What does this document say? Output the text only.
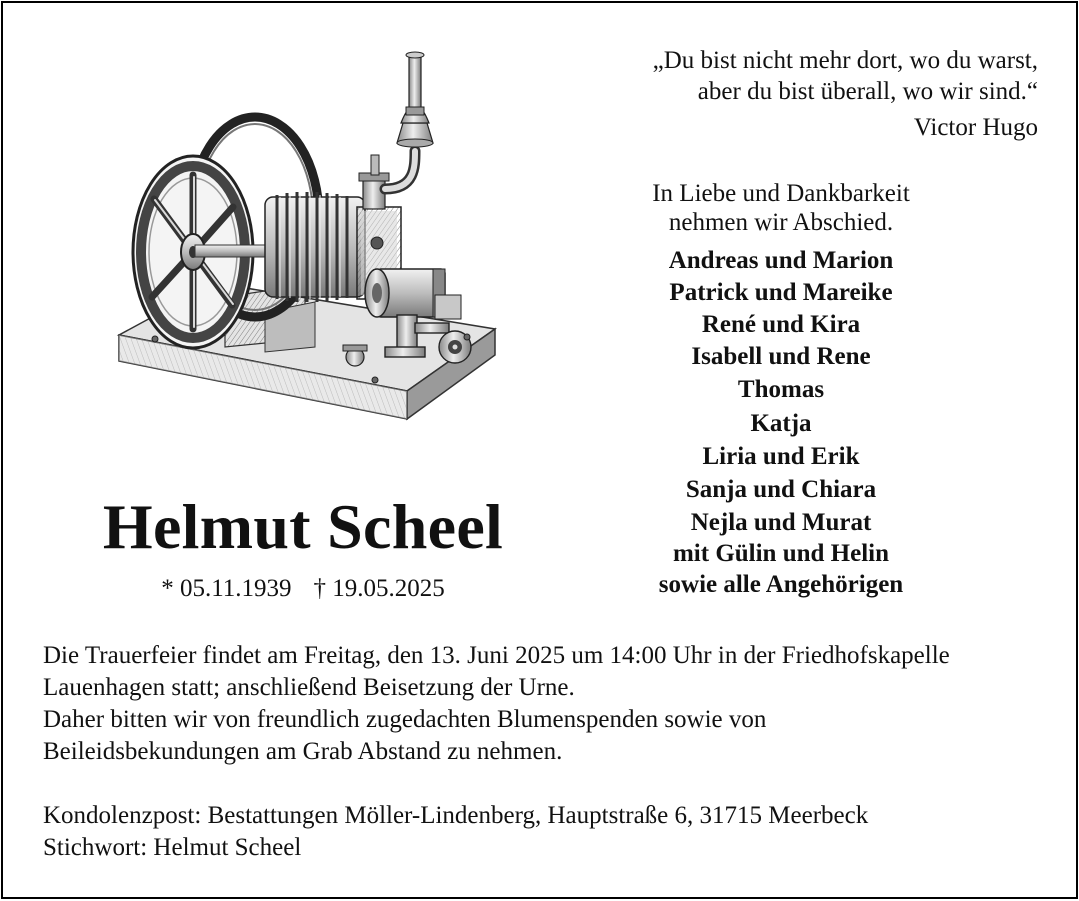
„Du bist nicht mehr dort, wo du warst,
aber du bist überall, wo wir sind.“
Victor Hugo
In Liebe und Dankbarkeit
nehmen wir Abschied.
Andreas und Marion
Patrick und Mareike
René und Kira
Isabell und Rene
Thomas
Katja
Liria und Erik
Sanja und Chiara
Nejla und Murat
mit Gülin und Helin
sowie alle Angehörigen
Helmut Scheel
* 05.11.1939 † 19.05.2025
Die Trauerfeier findet am Freitag, den 13. Juni 2025 um 14:00 Uhr in der Friedhofskapelle
Lauenhagen statt; anschließend Beisetzung der Urne.
Daher bitten wir von freundlich zugedachten Blumenspenden sowie von
Beileidsbekundungen am Grab Abstand zu nehmen.
Kondolenzpost: Bestattungen Möller-Lindenberg, Hauptstraße 6, 31715 Meerbeck
Stichwort: Helmut Scheel
